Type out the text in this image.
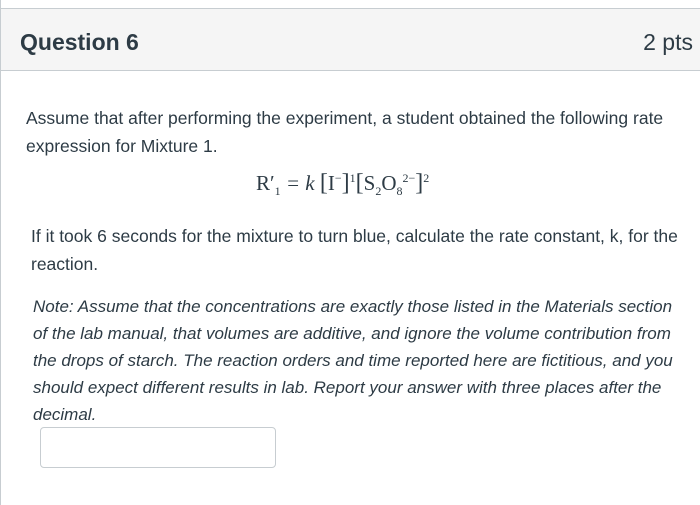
Question 6	2 pts
Assume that after performing the experiment, a student obtained the following rate expression for Mixture 1.
$R'_1 = k$ $[I^-]^1[S_2O_8^{2-}]^2$
If it took 6 seconds for the mixture to turn blue, calculate the rate constant, k, for the reaction.
Note: Assume that the concentrations are exactly those listed in the Materials section of the lab manual, that volumes are additive, and ignore the volume contribution from the drops of starch. The reaction orders and time reported here are fictitious, and you should expect different results in lab. Report your answer with three places after the decimal.
